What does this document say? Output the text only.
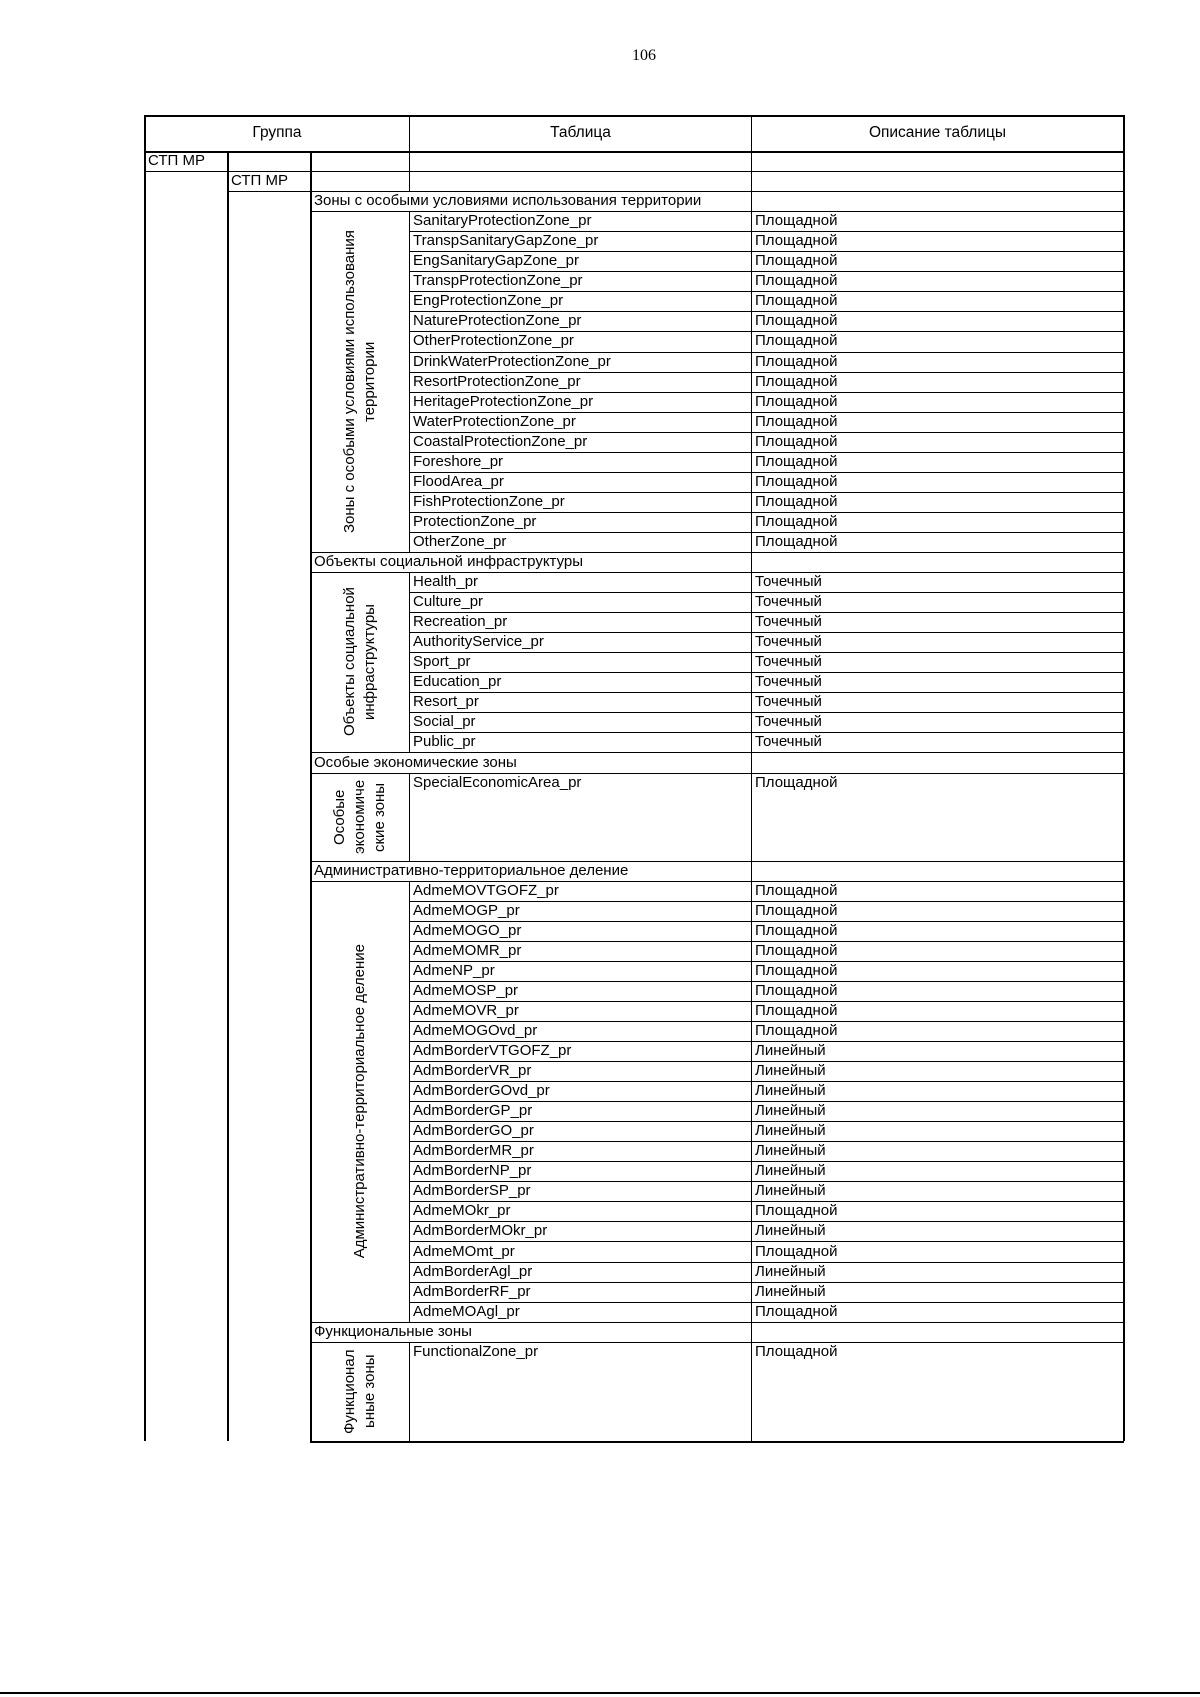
106
Группа	Таблица	Описание таблицы
СТП МР
СТП МР
Зоны с особыми условиями использования территории
SanitaryProtectionZone_pr	Площадной
TranspSanitaryGapZone_pr	Площадной
EngSanitaryGapZone_pr	Площадной
TranspProtectionZone_pr	Площадной
EngProtectionZone_pr	Площадной
NatureProtectionZone_pr	Площадной
OtherProtectionZone_pr	Площадной
DrinkWaterProtectionZone_pr	Площадной
ResortProtectionZone_pr	Площадной
HeritageProtectionZone_pr	Площадной
WaterProtectionZone_pr	Площадной
CoastalProtectionZone_pr	Площадной
Foreshore_pr	Площадной
FloodArea_pr	Площадной
FishProtectionZone_pr	Площадной
ProtectionZone_pr	Площадной
OtherZone_pr	Площадной
Зоны с особыми условиями использования территории
Объекты социальной инфраструктуры
Health_pr	Точечный
Culture_pr	Точечный
Recreation_pr	Точечный
AuthorityService_pr	Точечный
Sport_pr	Точечный
Education_pr	Точечный
Resort_pr	Точечный
Social_pr	Точечный
Public_pr	Точечный
Объекты социальной инфраструктуры
Особые экономические зоны
SpecialEconomicArea_pr	Площадной
Особые экономиче ские зоны
Административно-территориальное деление
AdmeMOVTGOFZ_pr	Площадной
AdmeMOGP_pr	Площадной
AdmeMOGO_pr	Площадной
AdmeMOMR_pr	Площадной
AdmeNP_pr	Площадной
AdmeMOSP_pr	Площадной
AdmeMOVR_pr	Площадной
AdmeMOGOvd_pr	Площадной
AdmBorderVTGOFZ_pr	Линейный
AdmBorderVR_pr	Линейный
AdmBorderGOvd_pr	Линейный
AdmBorderGP_pr	Линейный
AdmBorderGO_pr	Линейный
AdmBorderMR_pr	Линейный
AdmBorderNP_pr	Линейный
AdmBorderSP_pr	Линейный
AdmeMOkr_pr	Площадной
AdmBorderMOkr_pr	Линейный
AdmeMOmt_pr	Площадной
AdmBorderAgl_pr	Линейный
AdmBorderRF_pr	Линейный
AdmeMOAgl_pr	Площадной
Административно-территориальное деление
Функциональные зоны
FunctionalZone_pr	Площадной
Функционал ьные зоны
